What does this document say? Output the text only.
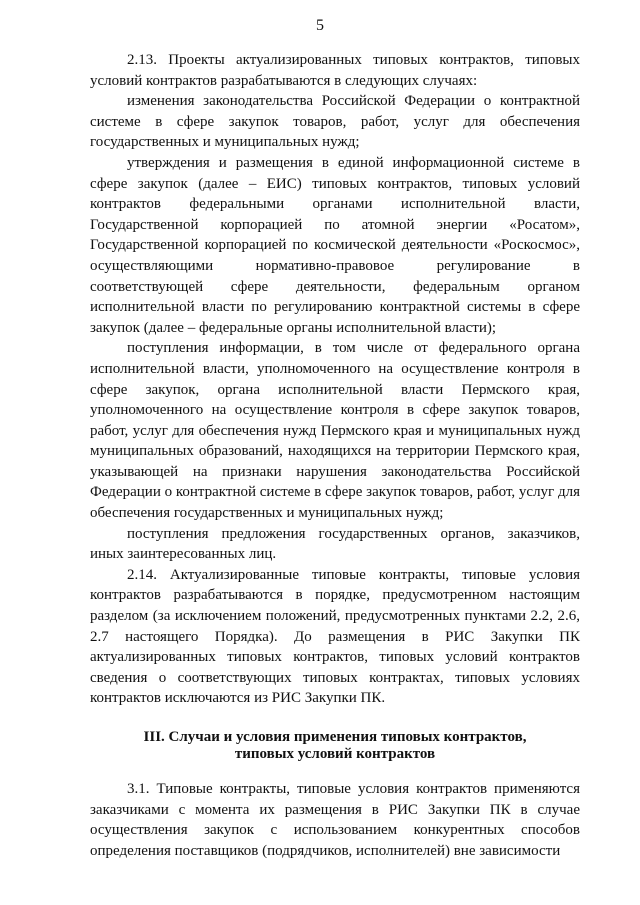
5

2.13. Проекты актуализированных типовых контрактов, типовых условий контрактов разрабатываются в следующих случаях:

изменения законодательства Российской Федерации о контрактной системе в сфере закупок товаров, работ, услуг для обеспечения государственных и муниципальных нужд;

утверждения и размещения в единой информационной системе в сфере закупок (далее – ЕИС) типовых контрактов, типовых условий контрактов федеральными органами исполнительной власти, Государственной корпорацией по атомной энергии «Росатом», Государственной корпорацией по космической деятельности «Роскосмос», осуществляющими нормативно-правовое регулирование в соответствующей сфере деятельности, федеральным органом исполнительной власти по регулированию контрактной системы в сфере закупок (далее – федеральные органы исполнительной власти);

поступления информации, в том числе от федерального органа исполнительной власти, уполномоченного на осуществление контроля в сфере закупок, органа исполнительной власти Пермского края, уполномоченного на осуществление контроля в сфере закупок товаров, работ, услуг для обеспечения нужд Пермского края и муниципальных нужд муниципальных образований, находящихся на территории Пермского края, указывающей на признаки нарушения законодательства Российской Федерации о контрактной системе в сфере закупок товаров, работ, услуг для обеспечения государственных и муниципальных нужд;

поступления предложения государственных органов, заказчиков, иных заинтересованных лиц.

2.14. Актуализированные типовые контракты, типовые условия контрактов разрабатываются в порядке, предусмотренном настоящим разделом (за исключением положений, предусмотренных пунктами 2.2, 2.6, 2.7 настоящего Порядка). До размещения в РИС Закупки ПК актуализированных типовых контрактов, типовых условий контрактов сведения о соответствующих типовых контрактах, типовых условиях контрактов исключаются из РИС Закупки ПК.

III. Случаи и условия применения типовых контрактов,
типовых условий контрактов

3.1. Типовые контракты, типовые условия контрактов применяются заказчиками с момента их размещения в РИС Закупки ПК в случае осуществления закупок с использованием конкурентных способов определения поставщиков (подрядчиков, исполнителей) вне зависимости
